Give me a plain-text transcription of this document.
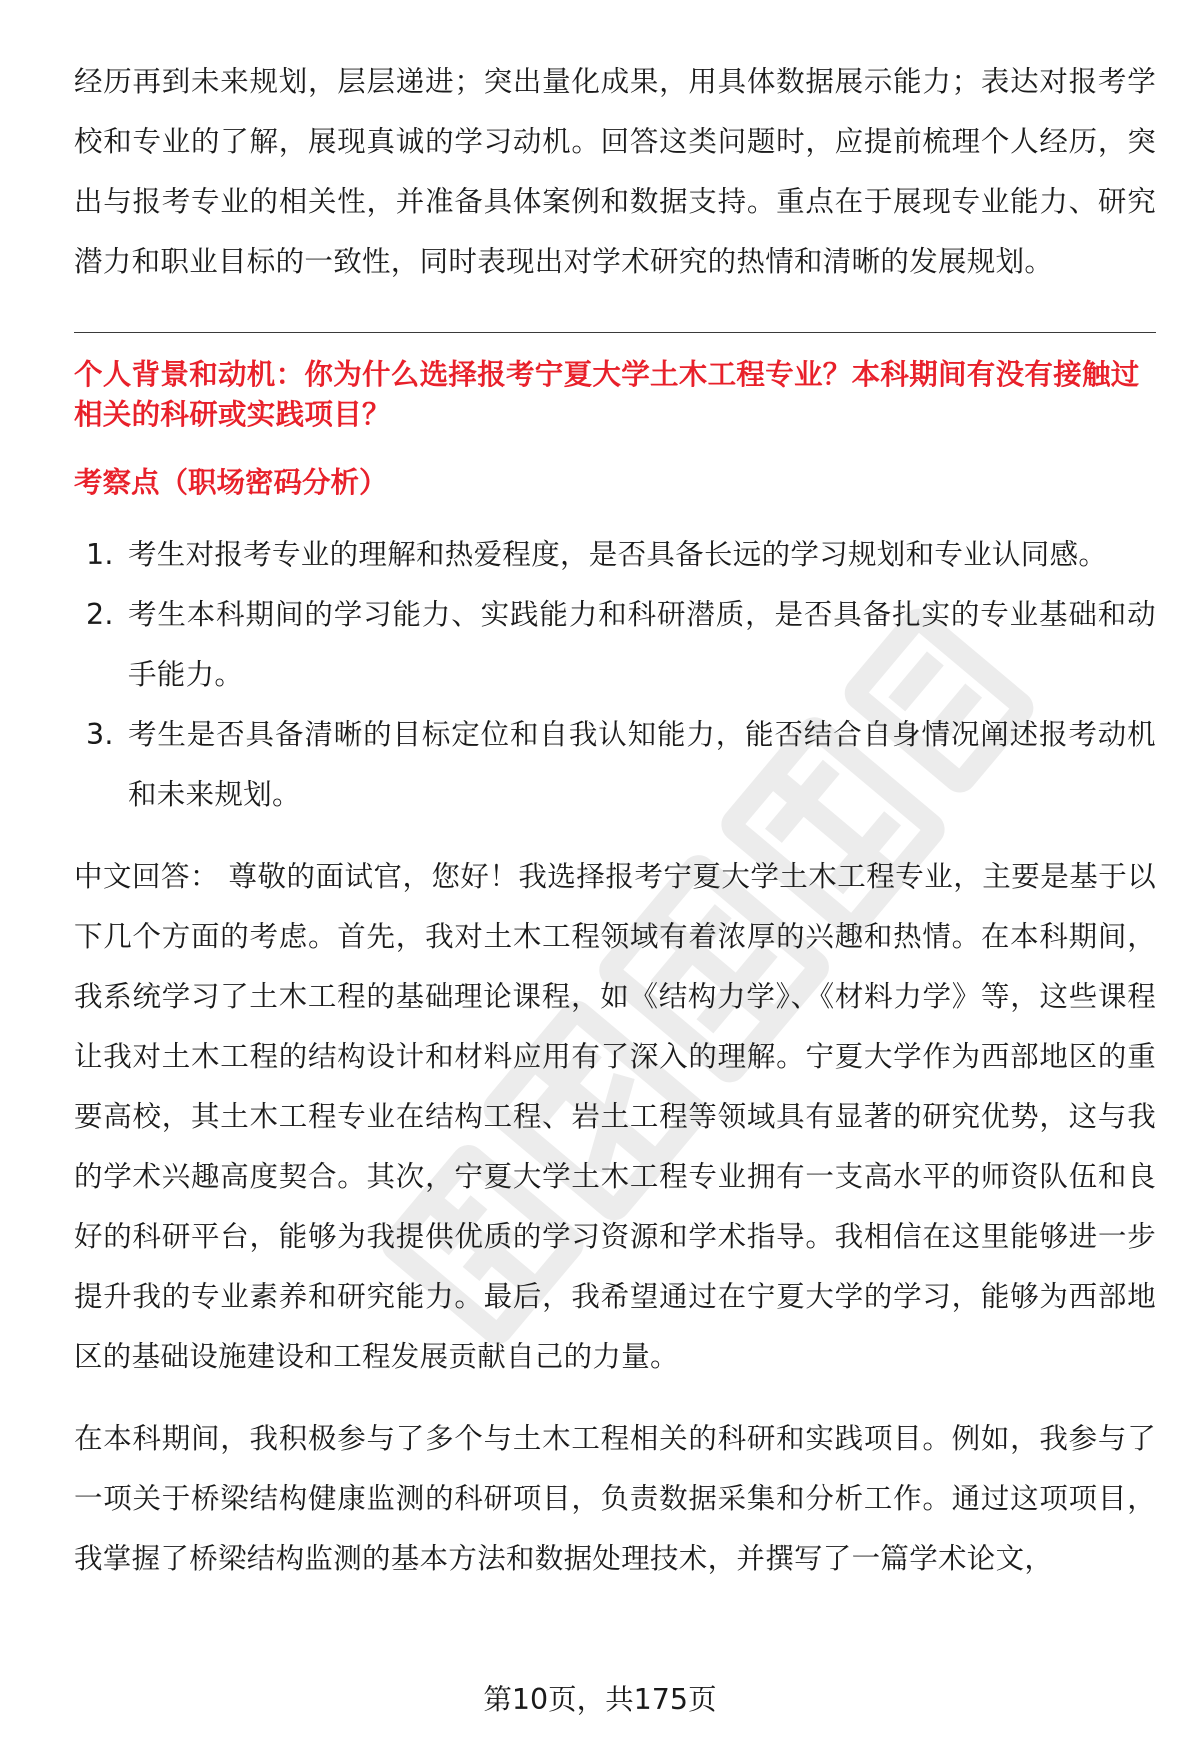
经历再到未来规划，层层递进；突出量化成果，用具体数据展示能力；表达对报考学校和专业的了解，展现真诚的学习动机。回答这类问题时，应提前梳理个人经历，突出与报考专业的相关性，并准备具体案例和数据支持。重点在于展现专业能力、研究潜力和职业目标的一致性，同时表现出对学术研究的热情和清晰的发展规划。

个人背景和动机：你为什么选择报考宁夏大学土木工程专业？本科期间有没有接触过相关的科研或实践项目？

考察点（职场密码分析）

1. 考生对报考专业的理解和热爱程度，是否具备长远的学习规划和专业认同感。
2. 考生本科期间的学习能力、实践能力和科研潜质，是否具备扎实的专业基础和动手能力。
3. 考生是否具备清晰的目标定位和自我认知能力，能否结合自身情况阐述报考动机和未来规划。

中文回答： 尊敬的面试官，您好！我选择报考宁夏大学土木工程专业，主要是基于以下几个方面的考虑。首先，我对土木工程领域有着浓厚的兴趣和热情。在本科期间，我系统学习了土木工程的基础理论课程，如《结构力学》、《材料力学》等，这些课程让我对土木工程的结构设计和材料应用有了深入的理解。宁夏大学作为西部地区的重要高校，其土木工程专业在结构工程、岩土工程等领域具有显著的研究优势，这与我的学术兴趣高度契合。其次，宁夏大学土木工程专业拥有一支高水平的师资队伍和良好的科研平台，能够为我提供优质的学习资源和学术指导。我相信在这里能够进一步提升我的专业素养和研究能力。最后，我希望通过在宁夏大学的学习，能够为西部地区的基础设施建设和工程发展贡献自己的力量。

在本科期间，我积极参与了多个与土木工程相关的科研和实践项目。例如，我参与了一项关于桥梁结构健康监测的科研项目，负责数据采集和分析工作。通过这项项目，我掌握了桥梁结构监测的基本方法和数据处理技术，并撰写了一篇学术论文，

第10页，共175页
